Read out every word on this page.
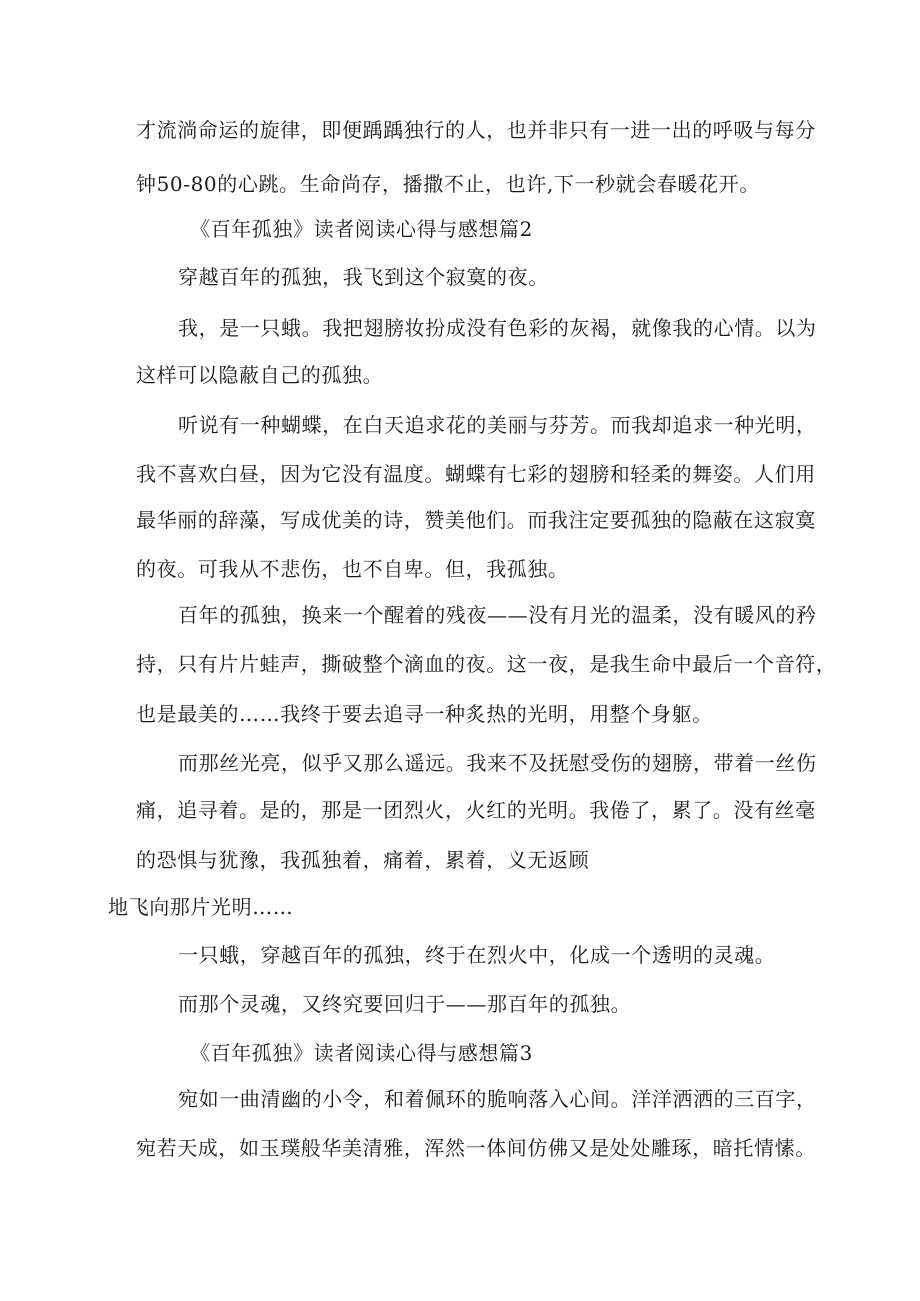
才流淌命运的旋律，即便踽踽独行的人，也并非只有一进一出的呼吸与每分
钟50-80的心跳。生命尚存，播撒不止，也许,下一秒就会春暖花开。
《百年孤独》读者阅读心得与感想篇2
穿越百年的孤独，我飞到这个寂寞的夜。
我，是一只蛾。我把翅膀妆扮成没有色彩的灰褐，就像我的心情。以为
这样可以隐蔽自己的孤独。
听说有一种蝴蝶，在白天追求花的美丽与芬芳。而我却追求一种光明，
我不喜欢白昼，因为它没有温度。蝴蝶有七彩的翅膀和轻柔的舞姿。人们用
最华丽的辞藻，写成优美的诗，赞美他们。而我注定要孤独的隐蔽在这寂寞
的夜。可我从不悲伤，也不自卑。但，我孤独。
百年的孤独，换来一个醒着的残夜——没有月光的温柔，没有暖风的矜
持，只有片片蛙声，撕破整个滴血的夜。这一夜，是我生命中最后一个音符，
也是最美的……我终于要去追寻一种炙热的光明，用整个身躯。
而那丝光亮，似乎又那么遥远。我来不及抚慰受伤的翅膀，带着一丝伤
痛，追寻着。是的，那是一团烈火，火红的光明。我倦了，累了。没有丝毫
的恐惧与犹豫，我孤独着，痛着，累着，义无返顾
地飞向那片光明……
一只蛾，穿越百年的孤独，终于在烈火中，化成一个透明的灵魂。
而那个灵魂，又终究要回归于——那百年的孤独。
《百年孤独》读者阅读心得与感想篇3
宛如一曲清幽的小令，和着佩环的脆响落入心间。洋洋洒洒的三百字，
宛若天成，如玉璞般华美清雅，浑然一体间仿佛又是处处雕琢，暗托情愫。
